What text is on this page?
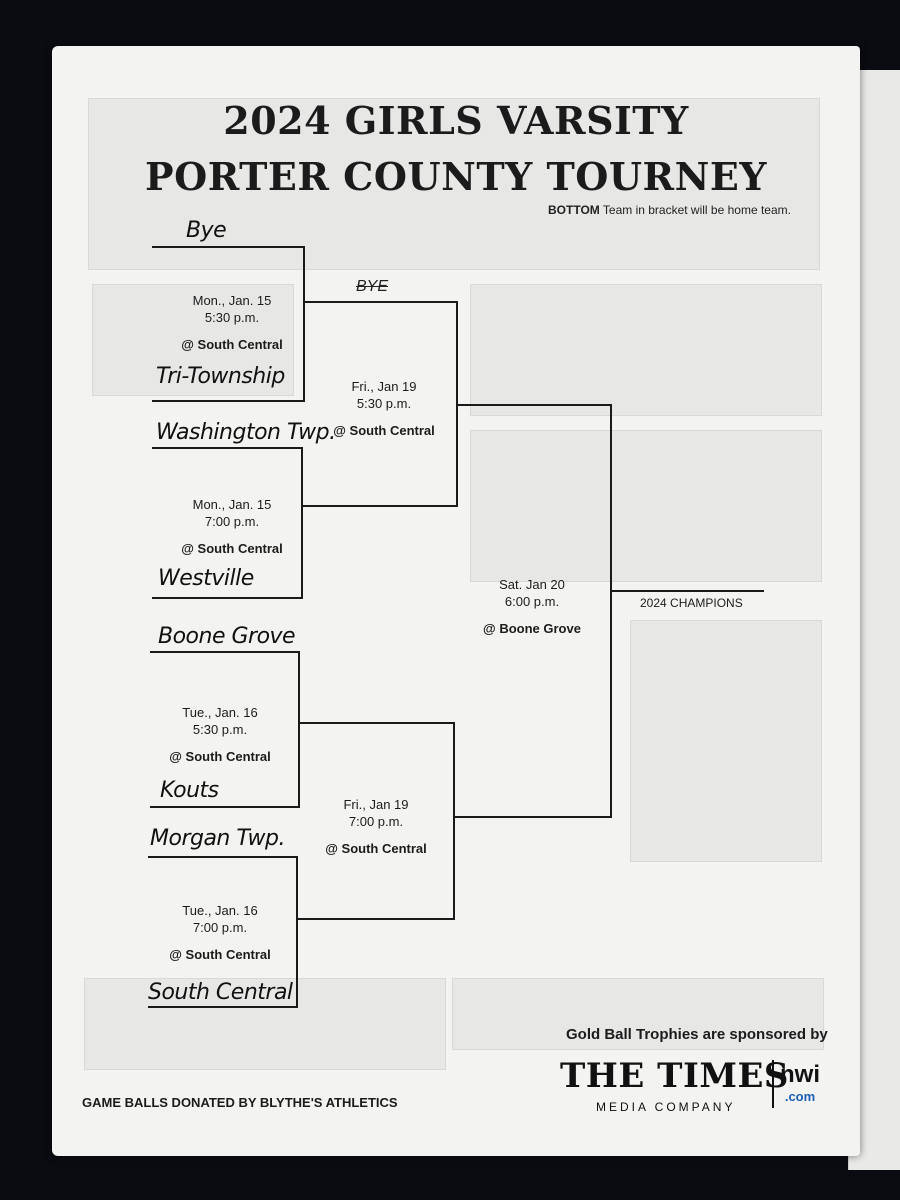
2024 GIRLS VARSITY
PORTER COUNTY TOURNEY
BOTTOM Team in bracket will be home team.
Bye
Tri-Township
Washington Twp.
Westville
Boone Grove
Kouts
Morgan Twp.
South Central
BYE
Mon., Jan. 15
5:30 p.m.
@ South Central
Mon., Jan. 15
7:00 p.m.
@ South Central
Tue., Jan. 16
5:30 p.m.
@ South Central
Tue., Jan. 16
7:00 p.m.
@ South Central
Fri., Jan 19
5:30 p.m.
@ South Central
Fri., Jan 19
7:00 p.m.
@ South Central
Sat. Jan 20
6:00 p.m.
@ Boone Grove
2024 CHAMPIONS
GAME BALLS DONATED BY BLYTHE'S ATHLETICS
Gold Ball Trophies are sponsored by
THE TIMES
MEDIA COMPANY
nwi
.com
